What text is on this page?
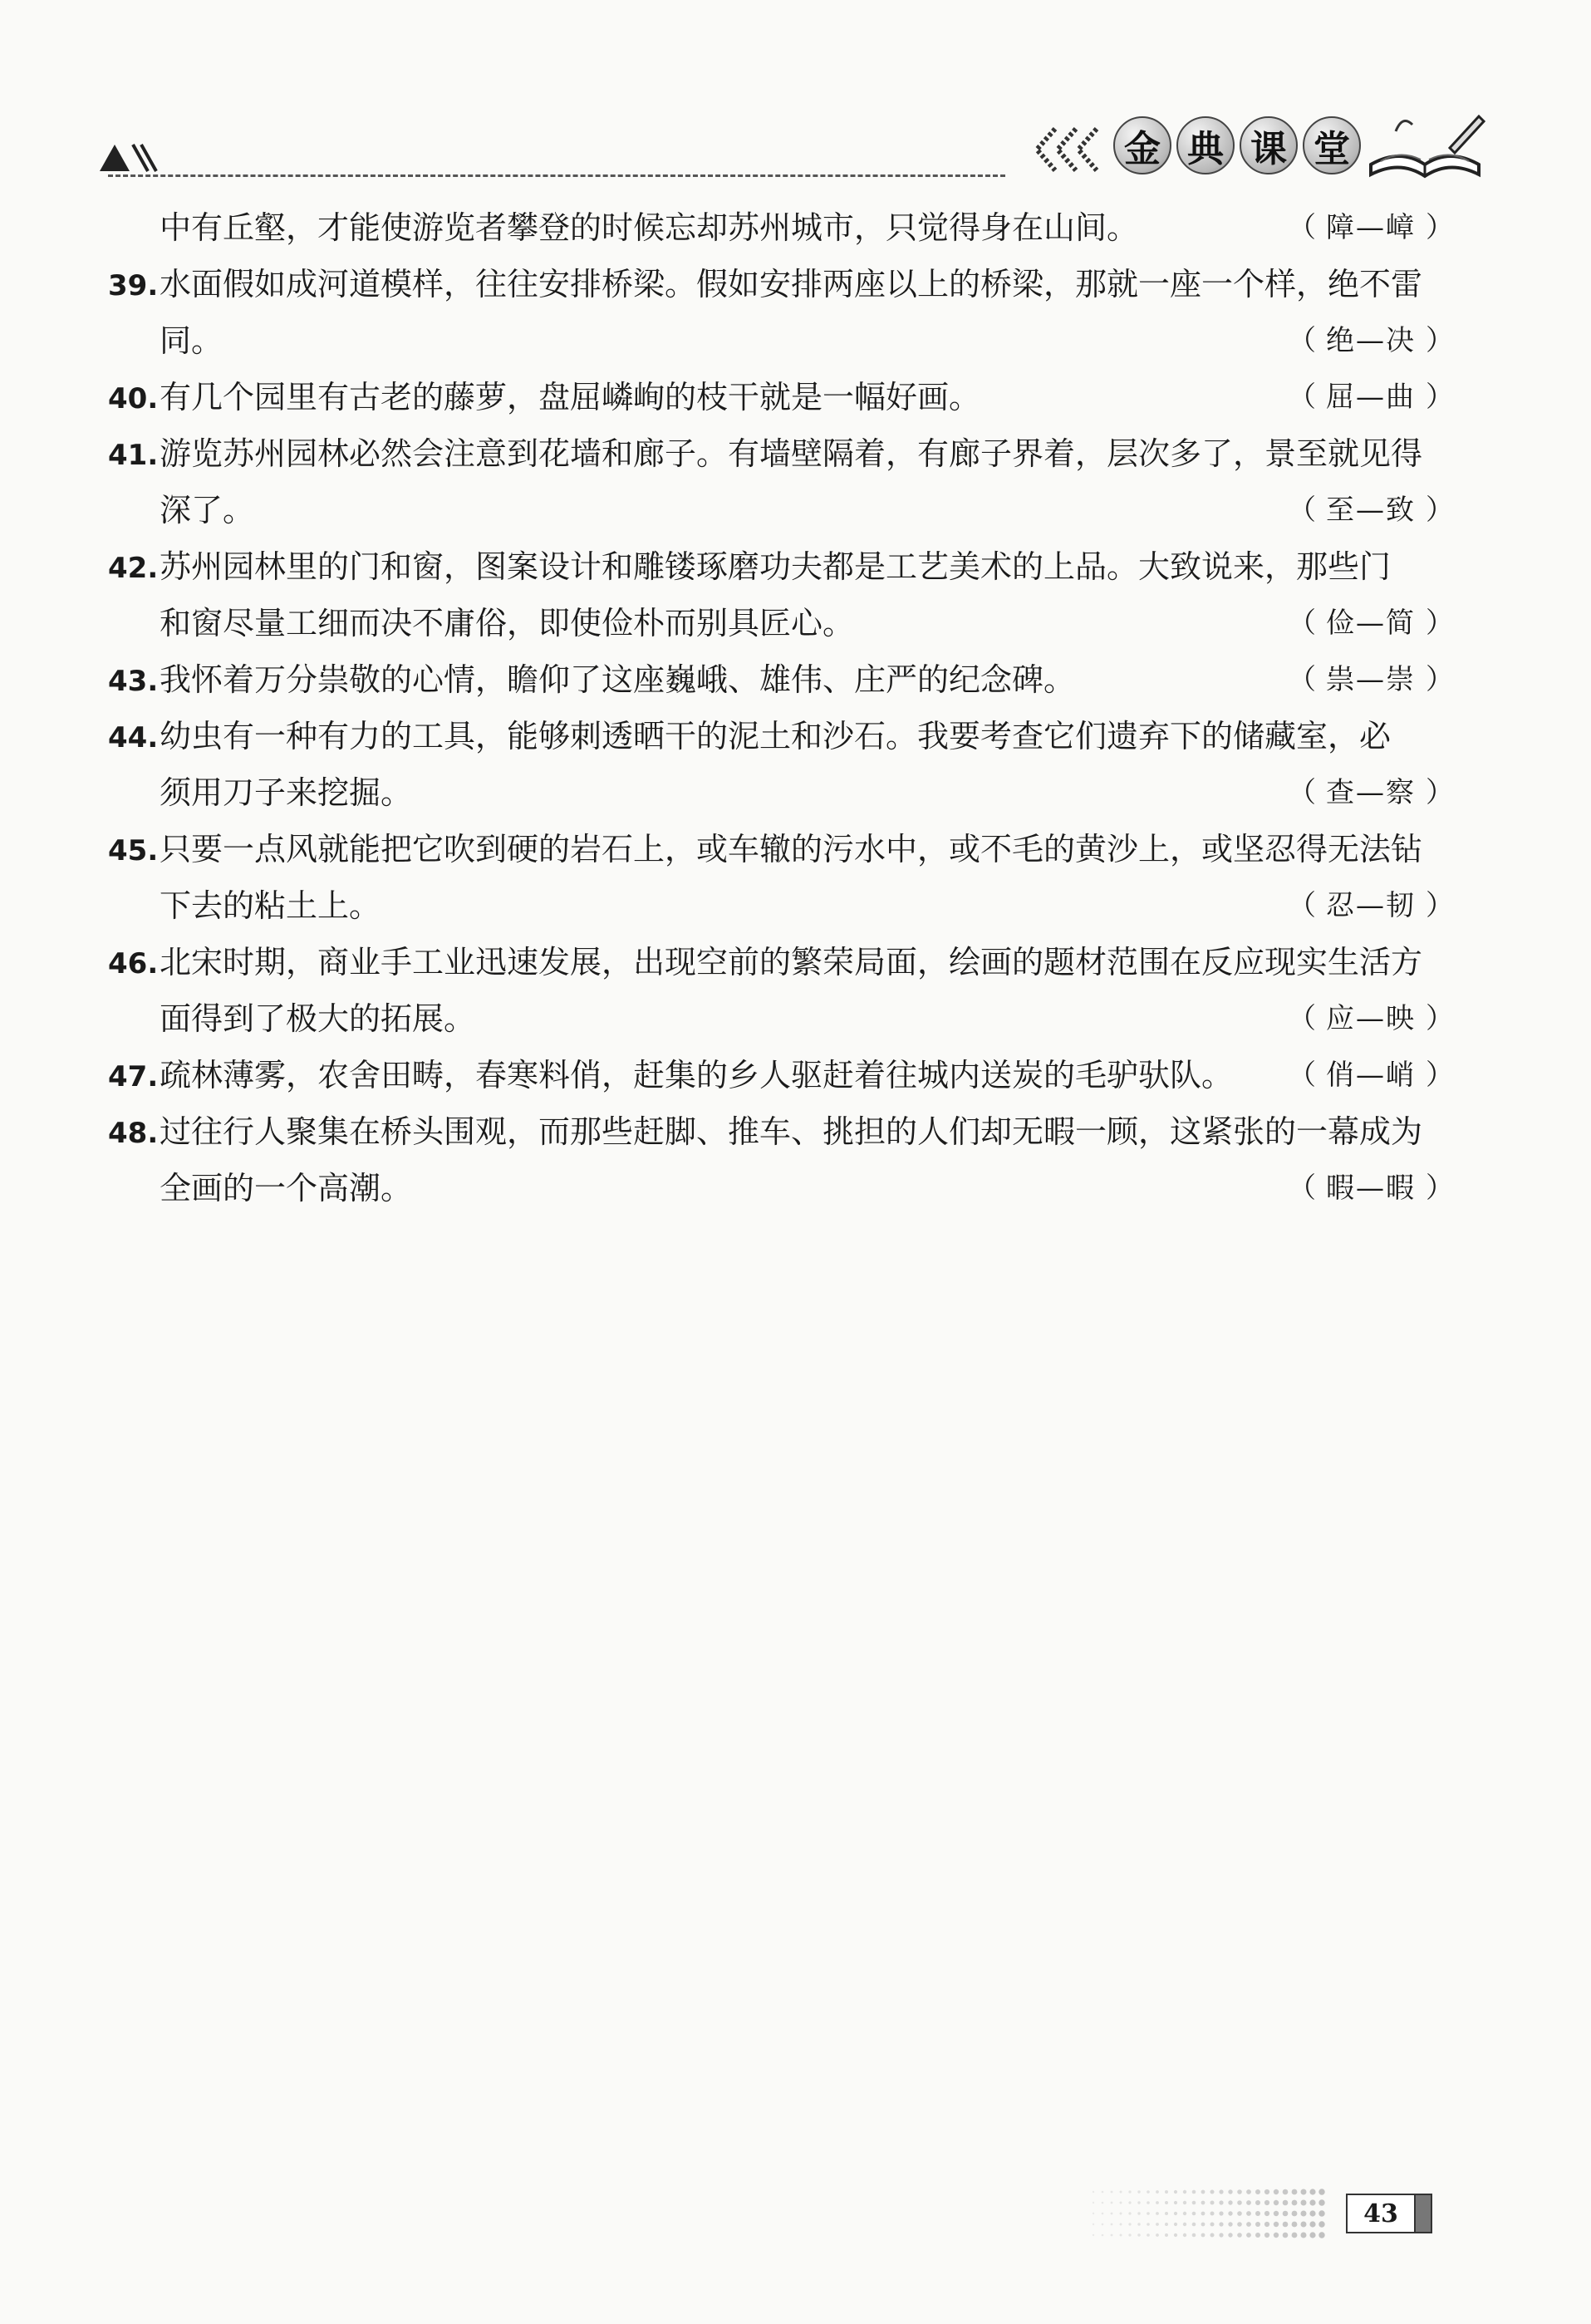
金 典 课 堂
中有丘壑，才能使游览者攀登的时候忘却苏州城市，只觉得身在山间。	（ 障—嶂 ）
39.水面假如成河道模样，往往安排桥梁。假如安排两座以上的桥梁，那就一座一个样，绝不雷
同。	（ 绝—决 ）
40.有几个园里有古老的藤萝，盘屈嶙峋的枝干就是一幅好画。	（ 屈—曲 ）
41.游览苏州园林必然会注意到花墙和廊子。有墙壁隔着，有廊子界着，层次多了，景至就见得
深了。	（ 至—致 ）
42.苏州园林里的门和窗，图案设计和雕镂琢磨功夫都是工艺美术的上品。大致说来，那些门
和窗尽量工细而决不庸俗，即使俭朴而别具匠心。	（ 俭—简 ）
43.我怀着万分祟敬的心情，瞻仰了这座巍峨、雄伟、庄严的纪念碑。	（ 祟—崇 ）
44.幼虫有一种有力的工具，能够刺透晒干的泥土和沙石。我要考查它们遗弃下的储藏室，必
须用刀子来挖掘。	（ 查—察 ）
45.只要一点风就能把它吹到硬的岩石上，或车辙的污水中，或不毛的黄沙上，或坚忍得无法钻
下去的粘土上。	（ 忍—韧 ）
46.北宋时期，商业手工业迅速发展，出现空前的繁荣局面，绘画的题材范围在反应现实生活方
面得到了极大的拓展。	（ 应—映 ）
47.疏林薄雾，农舍田畴，春寒料俏，赶集的乡人驱赶着往城内送炭的毛驴驮队。 （ 俏—峭 ）
48.过往行人聚集在桥头围观，而那些赶脚、推车、挑担的人们却无暇一顾，这紧张的一幕成为
全画的一个高潮。	（ 暇—暇 ）
43
